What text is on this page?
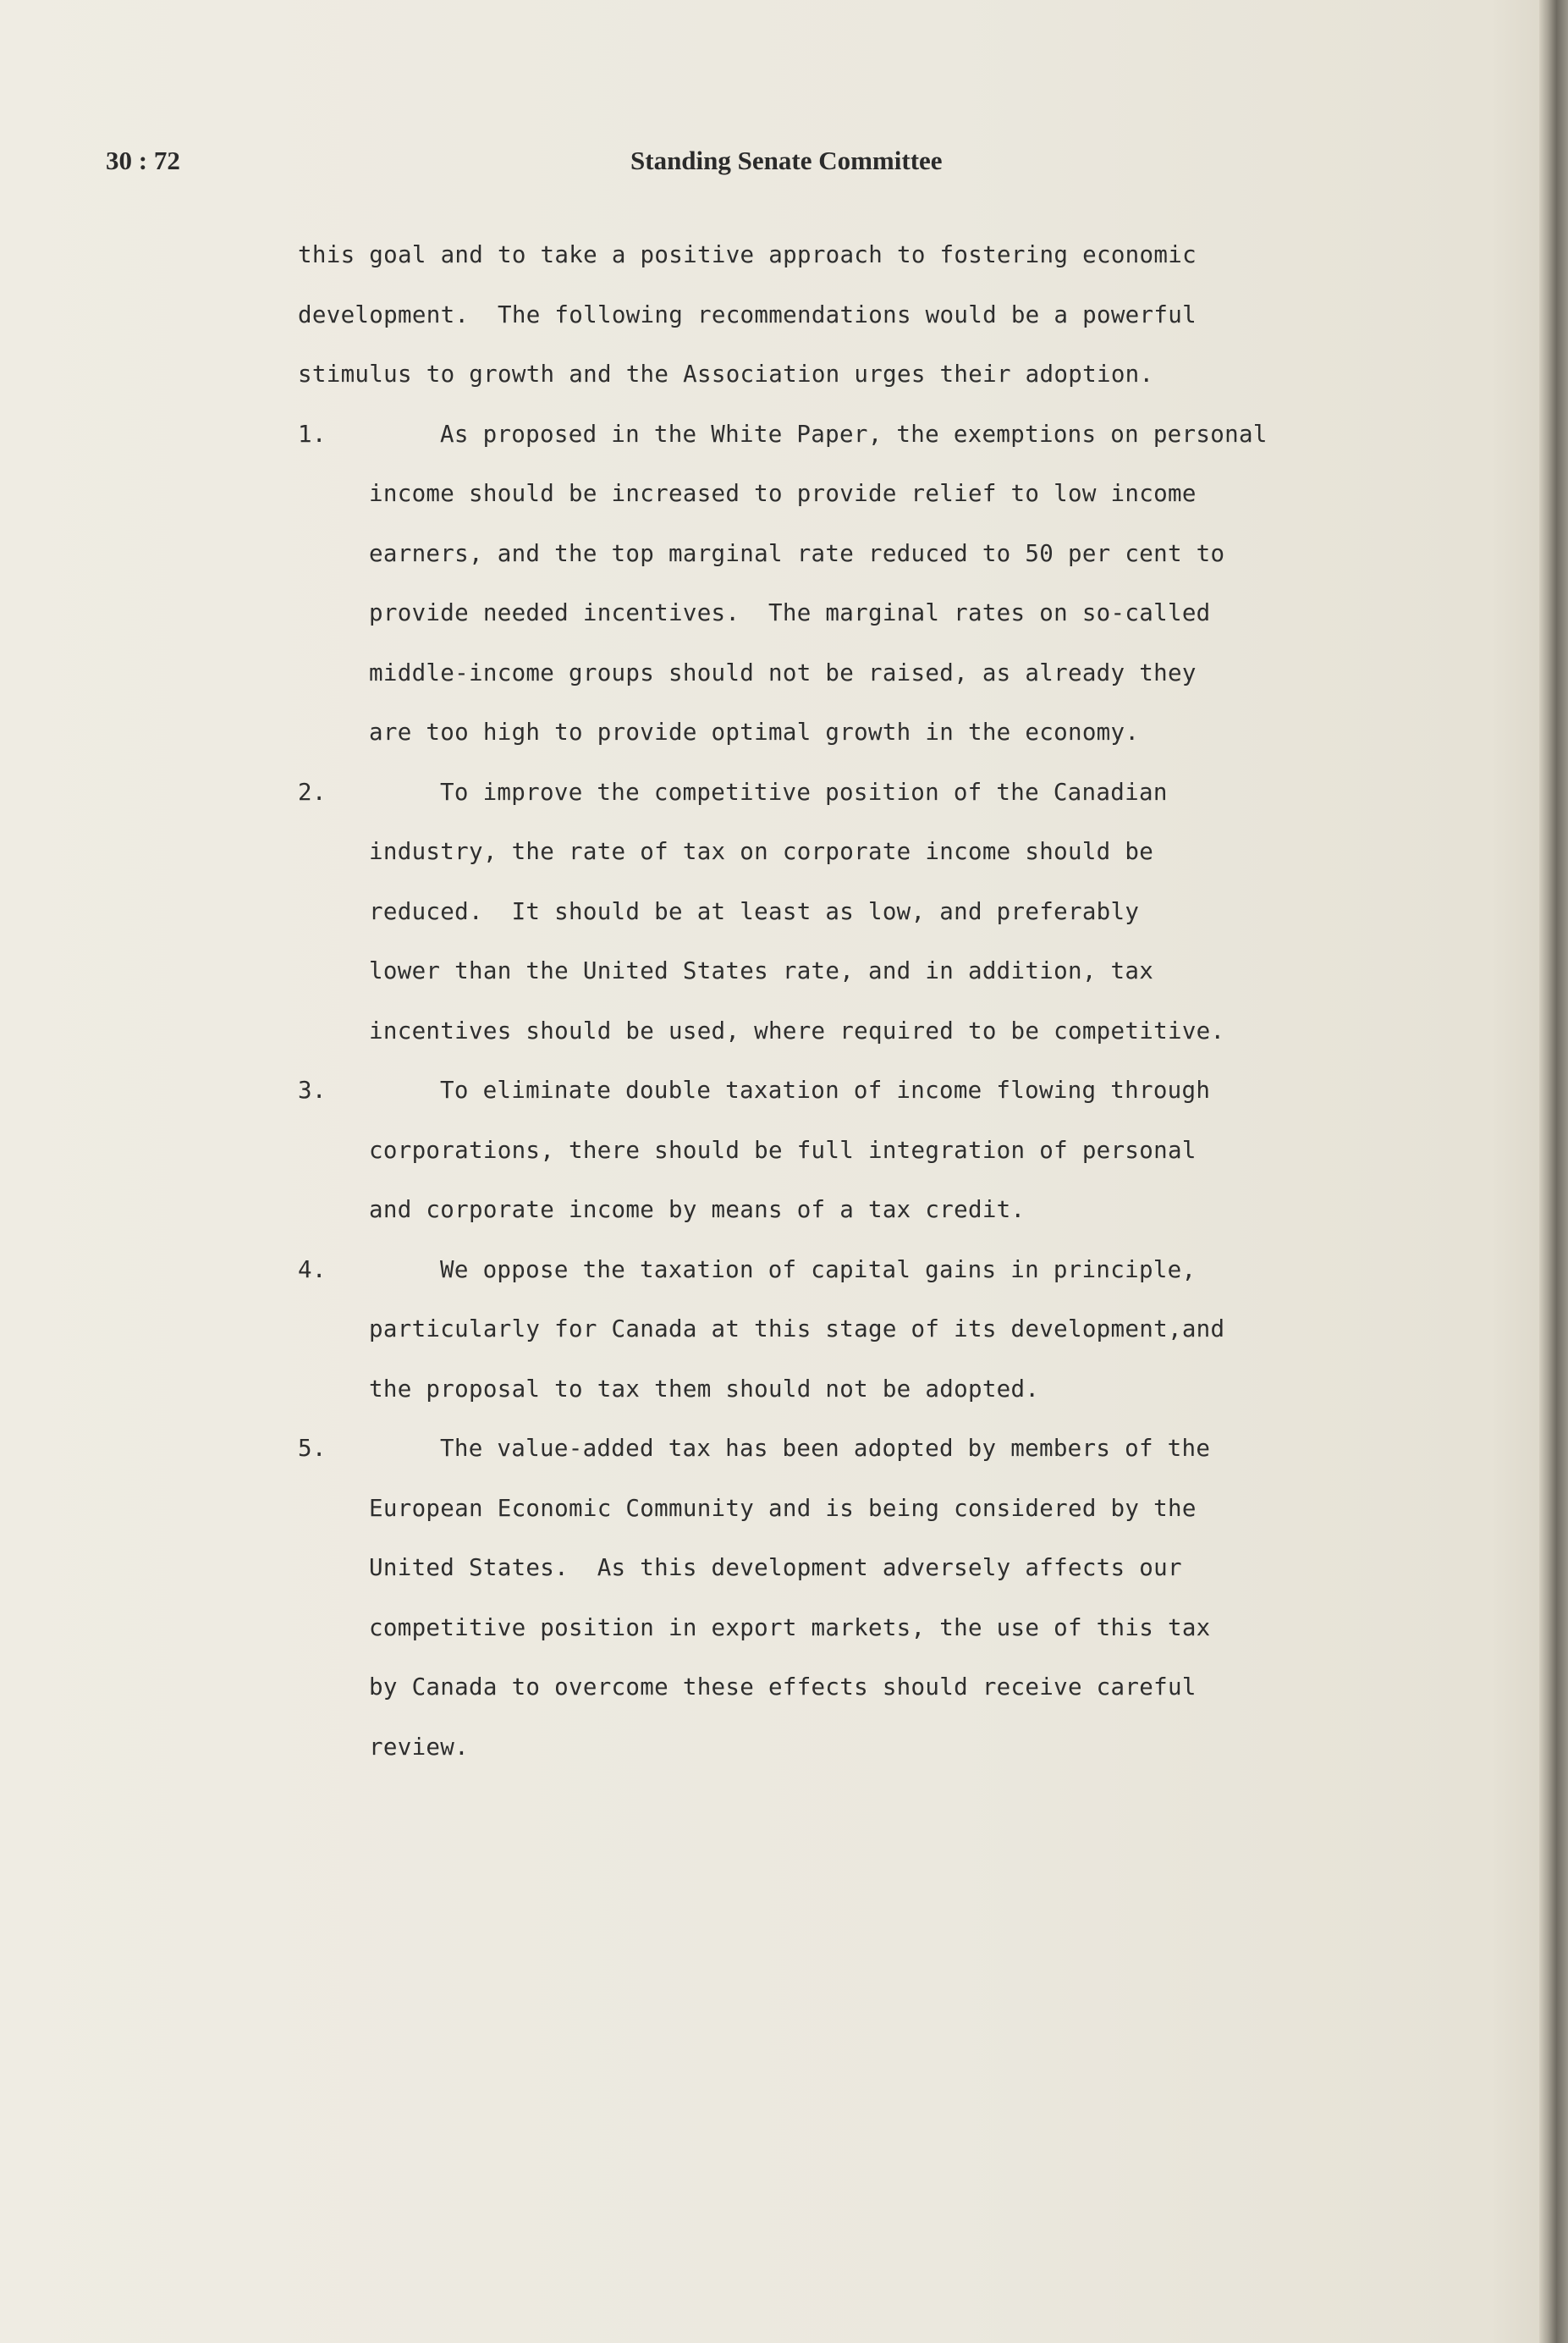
30 : 72	Standing Senate Committee
this goal and to take a positive approach to fostering economic
development.  The following recommendations would be a powerful
stimulus to growth and the Association urges their adoption.
1.	As proposed in the White Paper, the exemptions on personal
income should be increased to provide relief to low income
earners, and the top marginal rate reduced to 50 per cent to
provide needed incentives.  The marginal rates on so-called
middle-income groups should not be raised, as already they
are too high to provide optimal growth in the economy.
2.	To improve the competitive position of the Canadian
industry, the rate of tax on corporate income should be
reduced.  It should be at least as low, and preferably
lower than the United States rate, and in addition, tax
incentives should be used, where required to be competitive.
3.	To eliminate double taxation of income flowing through
corporations, there should be full integration of personal
and corporate income by means of a tax credit.
4.	We oppose the taxation of capital gains in principle,
particularly for Canada at this stage of its development,and
the proposal to tax them should not be adopted.
5.	The value-added tax has been adopted by members of the
European Economic Community and is being considered by the
United States.  As this development adversely affects our
competitive position in export markets, the use of this tax
by Canada to overcome these effects should receive careful
review.
